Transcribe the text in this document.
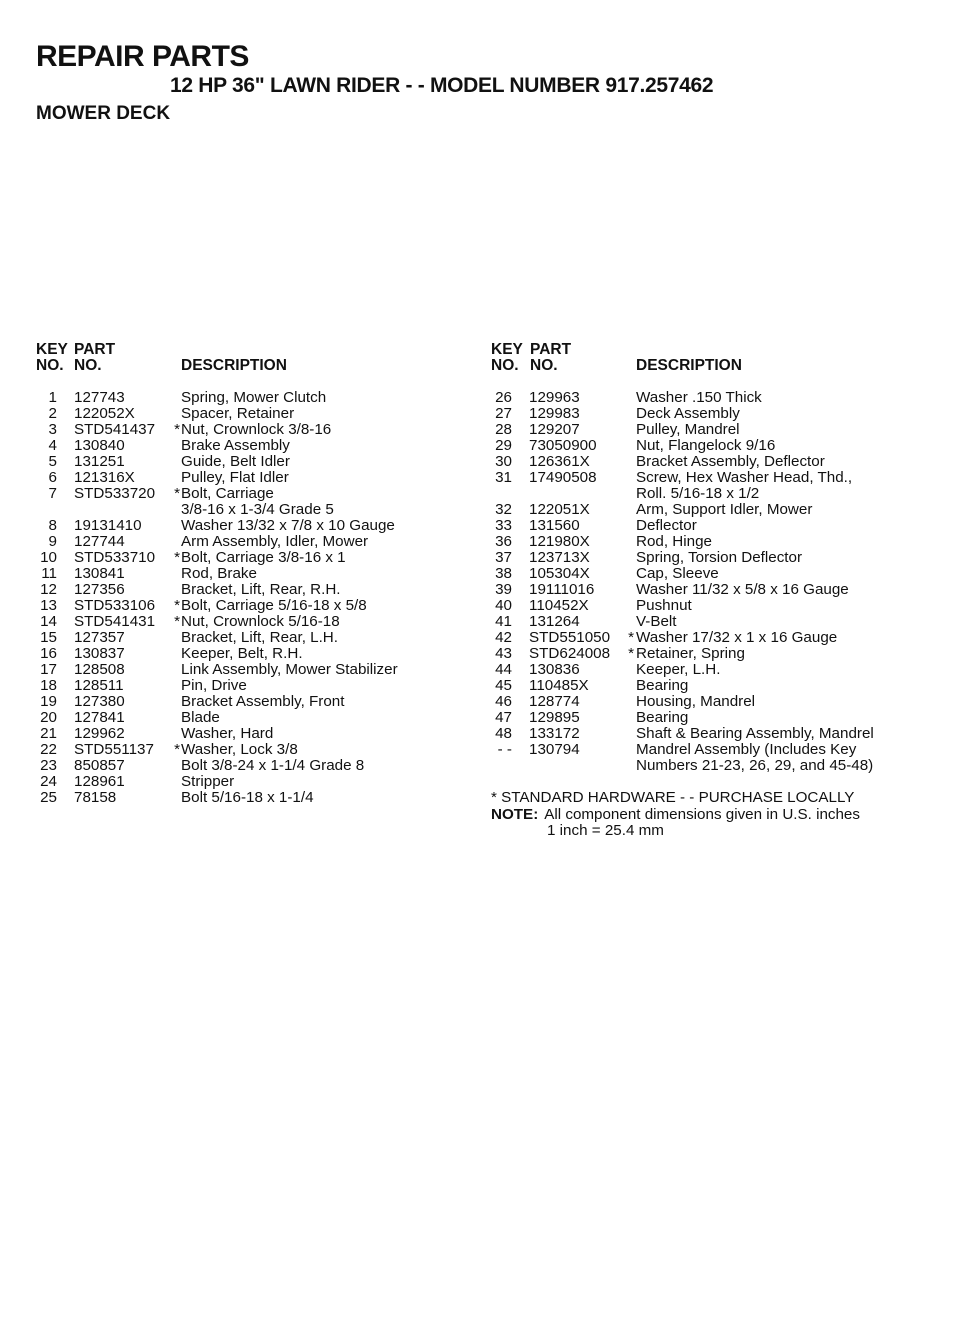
REPAIR PARTS
12 HP 36" LAWN RIDER - - MODEL NUMBER 917.257462
MOWER DECK
KEY
NO.
PART
NO.	DESCRIPTION
1 127743	Spring, Mower Clutch
2 122052X	Spacer, Retainer
3 STD541437 * Nut, Crownlock 3/8-16
4 130840	Brake Assembly
5 131251	Guide, Belt Idler
6 121316X	Pulley, Flat Idler
7 STD533720 * Bolt, Carriage
3/8-16 x 1-3/4 Grade 5
8 19131410	Washer 13/32 x 7/8 x 10 Gauge
9 127744	Arm Assembly, Idler, Mower
10 STD533710 * Bolt, Carriage 3/8-16 x 1
11 130841	Rod, Brake
12 127356	Bracket, Lift, Rear, R.H.
13 STD533106 * Bolt, Carriage 5/16-18 x 5/8
14 STD541431 * Nut, Crownlock 5/16-18
15 127357	Bracket, Lift, Rear, L.H.
16 130837	Keeper, Belt, R.H.
17 128508	Link Assembly, Mower Stabilizer
18 128511	Pin, Drive
19 127380	Bracket Assembly, Front
20 127841	Blade
21 129962	Washer, Hard
22 STD551137 * Washer, Lock 3/8
23 850857	Bolt 3/8-24 x 1-1/4 Grade 8
24 128961	Stripper
25 78158	Bolt 5/16-18 x 1-1/4
KEY
NO.
PART
NO.	DESCRIPTION
26 129963	Washer .150 Thick
27 129983	Deck Assembly
28 129207	Pulley, Mandrel
29 73050900	Nut, Flangelock 9/16
30 126361X	Bracket Assembly, Deflector
31 17490508	Screw, Hex Washer Head, Thd.,
Roll. 5/16-18 x 1/2
32 122051X	Arm, Support Idler, Mower
33 131560	Deflector
36 121980X	Rod, Hinge
37 123713X	Spring, Torsion Deflector
38 105304X	Cap, Sleeve
39 19111016	Washer 11/32 x 5/8 x 16 Gauge
40 110452X	Pushnut
41 131264	V-Belt
42 STD551050 * Washer 17/32 x 1 x 16 Gauge
43 STD624008 * Retainer, Spring
44 130836	Keeper, L.H.
45 110485X	Bearing
46 128774	Housing, Mandrel
47 129895	Bearing
48 133172	Shaft & Bearing Assembly, Mandrel
- - 130794	Mandrel Assembly (Includes Key
Numbers 21-23, 26, 29, and 45-48)
* STANDARD HARDWARE - - PURCHASE LOCALLY
NOTE: All component dimensions given in U.S. inches
1 inch = 25.4 mm
